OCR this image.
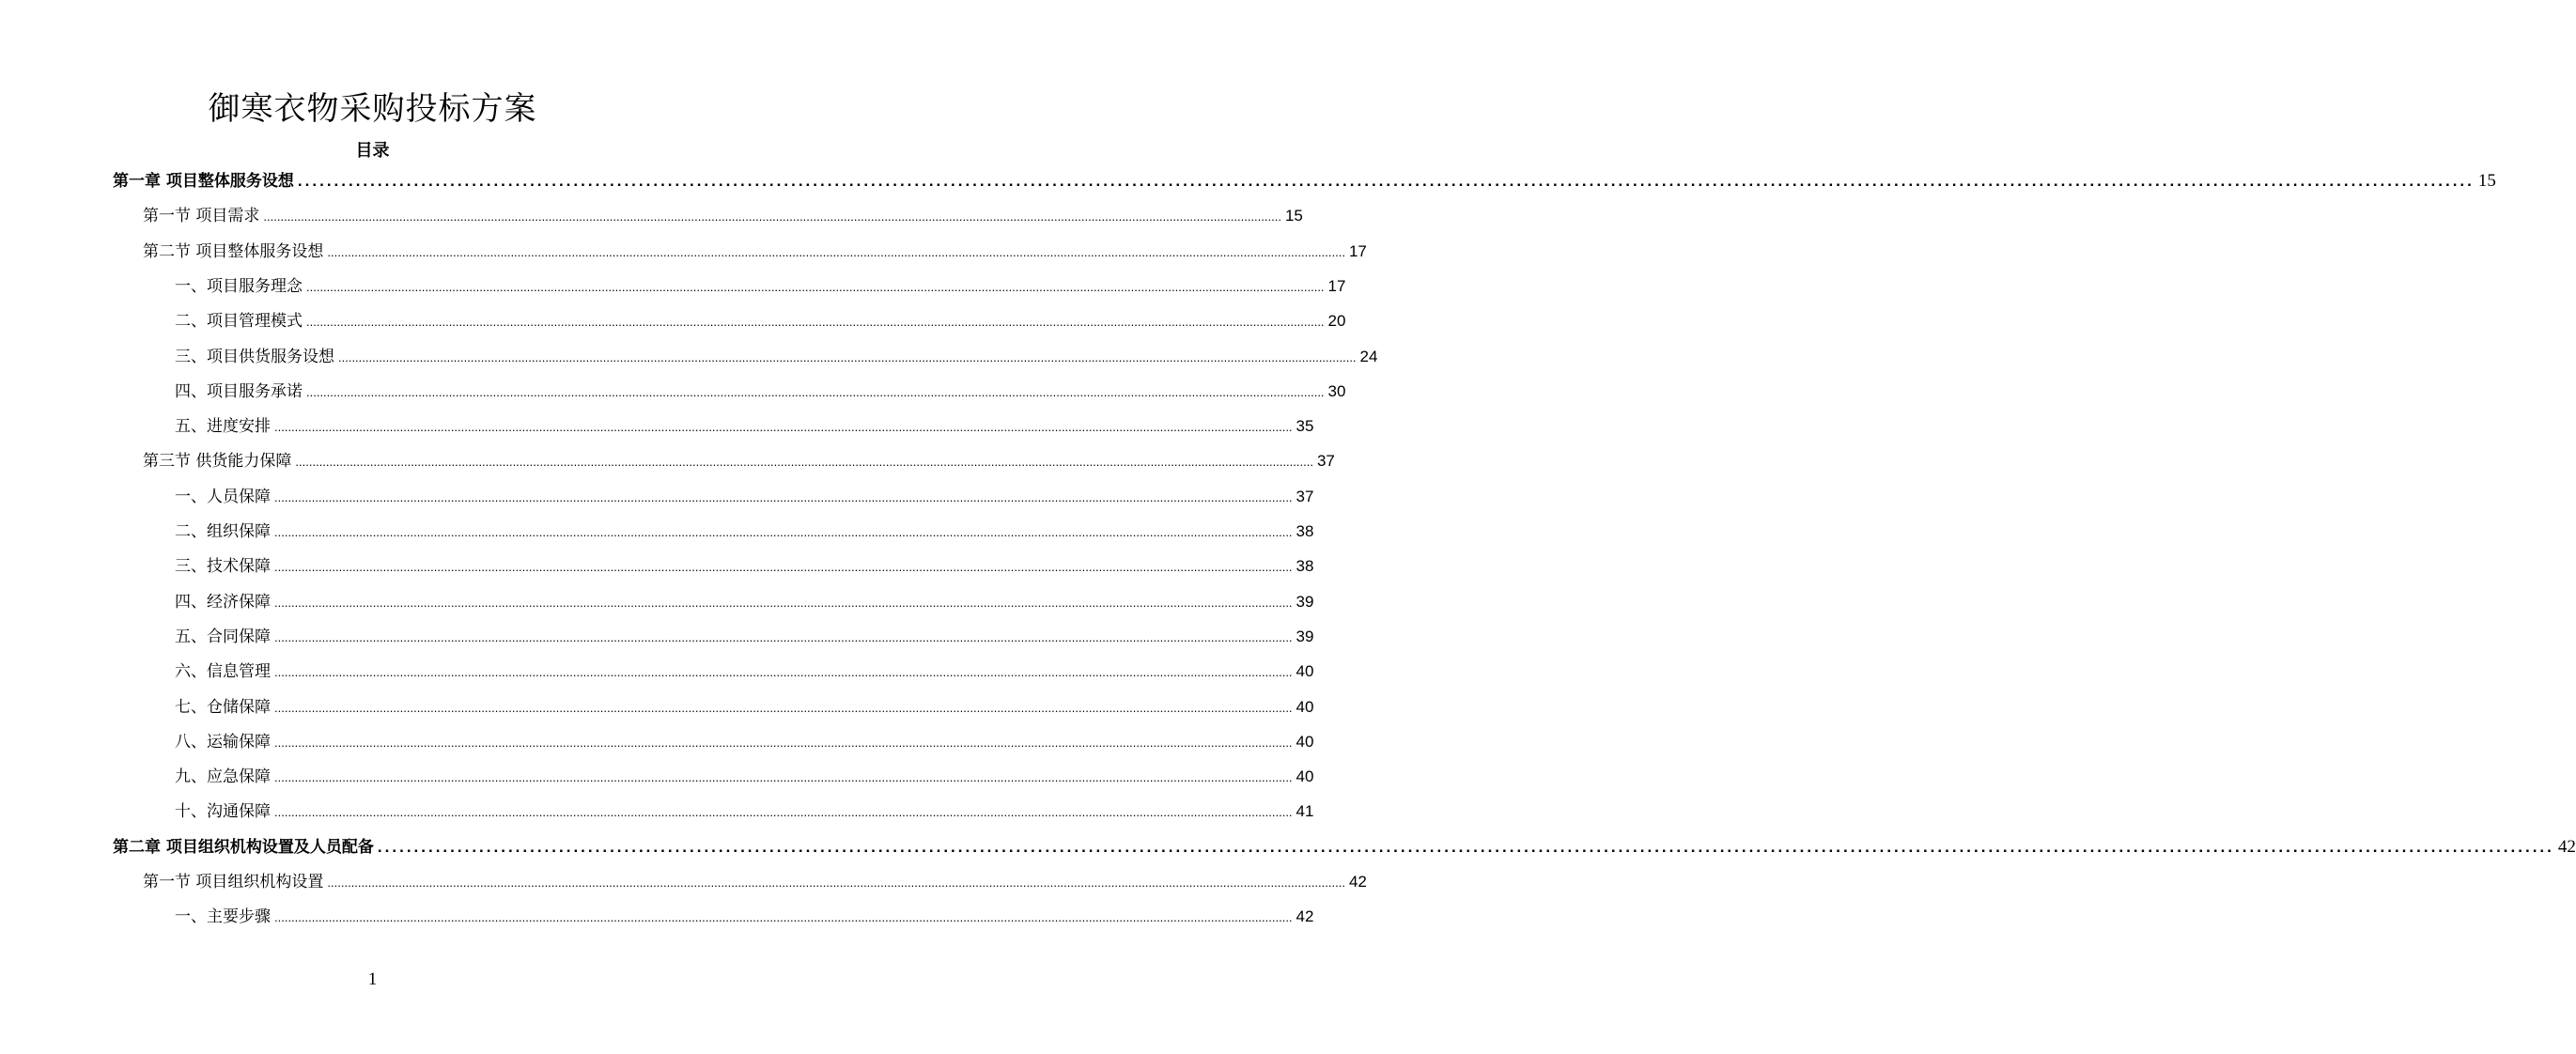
御寒衣物采购投标方案
目录
第一章 项目整体服务设想 ............................................................................................................................................................................................................................................................................................................ 15
第一节 项目需求 ............................................................................................................................................................................................................................................................................................................ 15
第二节 项目整体服务设想 ............................................................................................................................................................................................................................................................................................................ 17
一、项目服务理念 ............................................................................................................................................................................................................................................................................................................ 17
二、项目管理模式 ............................................................................................................................................................................................................................................................................................................ 20
三、项目供货服务设想 ............................................................................................................................................................................................................................................................................................................ 24
四、项目服务承诺 ............................................................................................................................................................................................................................................................................................................ 30
五、进度安排 ............................................................................................................................................................................................................................................................................................................ 35
第三节 供货能力保障 ............................................................................................................................................................................................................................................................................................................ 37
一、人员保障 ............................................................................................................................................................................................................................................................................................................ 37
二、组织保障 ............................................................................................................................................................................................................................................................................................................ 38
三、技术保障 ............................................................................................................................................................................................................................................................................................................ 38
四、经济保障 ............................................................................................................................................................................................................................................................................................................ 39
五、合同保障 ............................................................................................................................................................................................................................................................................................................ 39
六、信息管理 ............................................................................................................................................................................................................................................................................................................ 40
七、仓储保障 ............................................................................................................................................................................................................................................................................................................ 40
八、运输保障 ............................................................................................................................................................................................................................................................................................................ 40
九、应急保障 ............................................................................................................................................................................................................................................................................................................ 40
十、沟通保障 ............................................................................................................................................................................................................................................................................................................ 41
第二章 项目组织机构设置及人员配备 ............................................................................................................................................................................................................................................................................................................ 42
第一节 项目组织机构设置 ............................................................................................................................................................................................................................................................................................................ 42
一、主要步骤 ............................................................................................................................................................................................................................................................................................................ 42
1
